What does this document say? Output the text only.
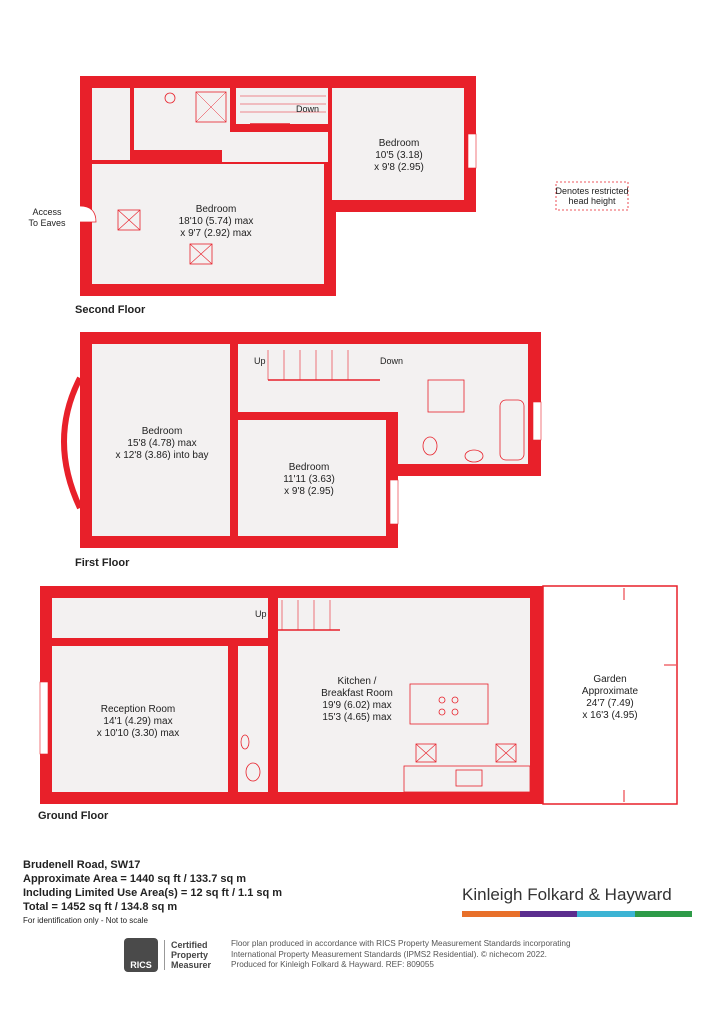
Down
Bedroom
10'5 (3.18)
x 9'8 (2.95)
Bedroom
18'10 (5.74) max
x 9'7 (2.92) max
Access
To Eaves
Denotes restricted
head height
Second Floor
Up	Down
Bedroom
15'8 (4.78) max
x 12'8 (3.86) into bay
Bedroom
11'11 (3.63)
x 9'8 (2.95)
First Floor
Up
Reception Room
14'1 (4.29) max
x 10'10 (3.30) max
Kitchen /
Breakfast Room
19'9 (6.02) max
15'3 (4.65) max
Garden
Approximate
24'7 (7.49)
x 16'3 (4.95)
Ground Floor
Brudenell Road, SW17
Approximate Area = 1440 sq ft / 133.7 sq m
Including Limited Use Area(s) = 12 sq ft / 1.1 sq m
Total = 1452 sq ft / 134.8 sq m
For identification only - Not to scale
Kinleigh Folkard & Hayward
RICS
Certified
Property
Measurer
Floor plan produced in accordance with RICS Property Measurement Standards incorporating
International Property Measurement Standards (IPMS2 Residential). © nichecom 2022.
Produced for Kinleigh Folkard & Hayward. REF: 809055
